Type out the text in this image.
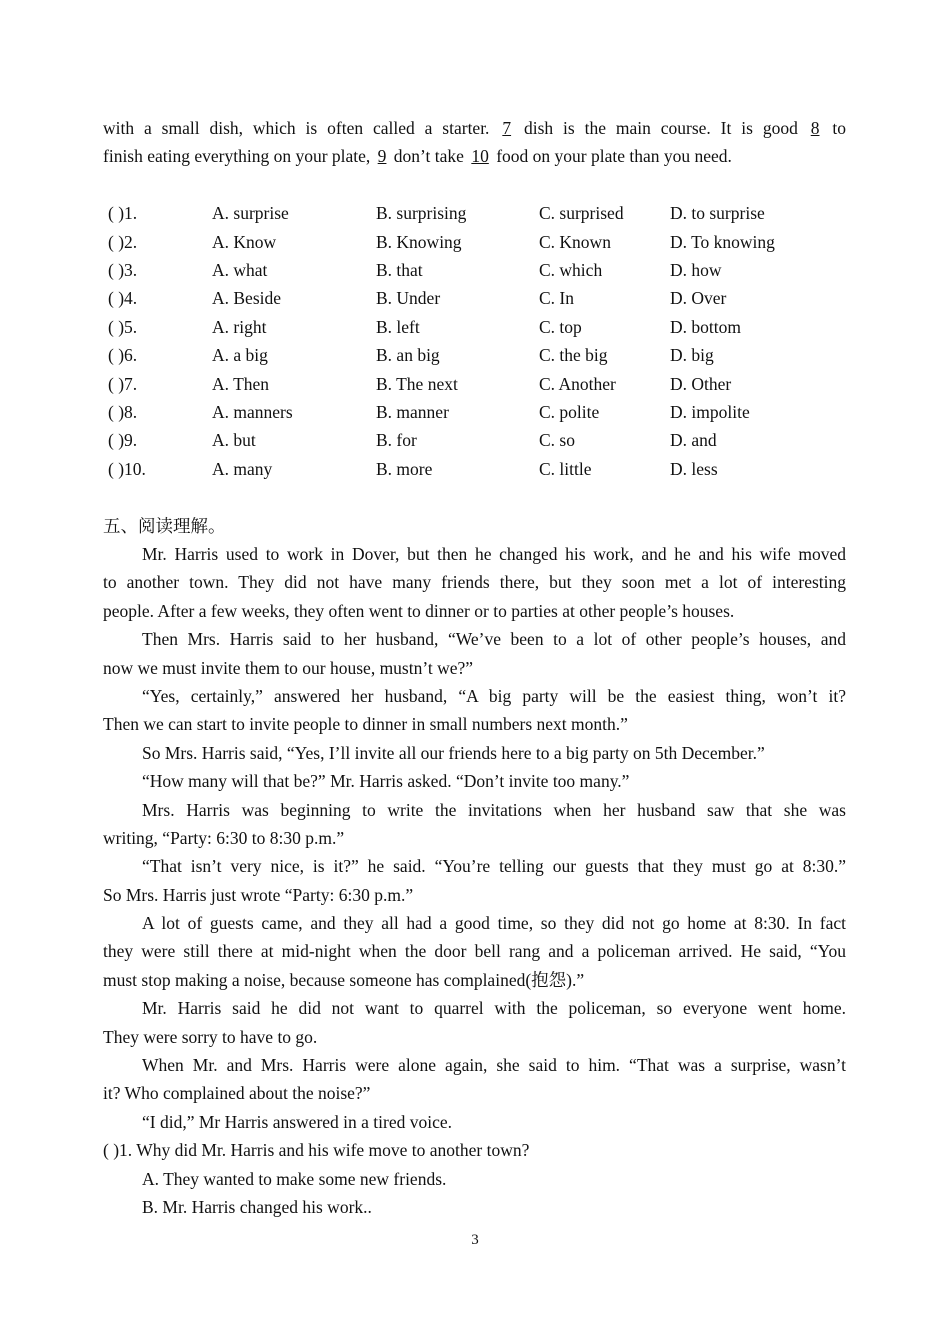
with a small dish, which is often called a starter. 7 dish is the main course. It is good 8 to
finish eating everything on your plate, 9 don’t take 10 food on your plate than you need.
( )1.	A. surprise	B. surprising	C. surprised	D. to surprise
( )2.	A. Know	B. Knowing	C. Known	D. To knowing
( )3.	A. what	B. that	C. which	D. how
( )4.	A. Beside	B. Under	C. In	D. Over
( )5.	A. right	B. left	C. top	D. bottom
( )6.	A. a big	B. an big	C. the big	D. big
( )7.	A. Then	B. The next	C. Another	D. Other
( )8.	A. manners	B. manner	C. polite	D. impolite
( )9.	A. but	B. for	C. so	D. and
( )10.	A. many	B. more	C. little	D. less
五、阅读理解。
Mr. Harris used to work in Dover, but then he changed his work, and he and his wife moved
to another town. They did not have many friends there, but they soon met a lot of interesting
people. After a few weeks, they often went to dinner or to parties at other people’s houses.
Then Mrs. Harris said to her husband, “We’ve been to a lot of other people’s houses, and
now we must invite them to our house, mustn’t we?”
“Yes, certainly,” answered her husband, “A big party will be the easiest thing, won’t it?
Then we can start to invite people to dinner in small numbers next month.”
So Mrs. Harris said, “Yes, I’ll invite all our friends here to a big party on 5th December.”
“How many will that be?” Mr. Harris asked. “Don’t invite too many.”
Mrs. Harris was beginning to write the invitations when her husband saw that she was
writing, “Party: 6:30 to 8:30 p.m.”
“That isn’t very nice, is it?” he said. “You’re telling our guests that they must go at 8:30.”
So Mrs. Harris just wrote “Party: 6:30 p.m.”
A lot of guests came, and they all had a good time, so they did not go home at 8:30. In fact
they were still there at mid-night when the door bell rang and a policeman arrived. He said, “You
must stop making a noise, because someone has complained(抱怨).”
Mr. Harris said he did not want to quarrel with the policeman, so everyone went home.
They were sorry to have to go.
When Mr. and Mrs. Harris were alone again, she said to him. “That was a surprise, wasn’t
it? Who complained about the noise?”
“I did,” Mr Harris answered in a tired voice.
( )1. Why did Mr. Harris and his wife move to another town?
A. They wanted to make some new friends.
B. Mr. Harris changed his work..
3
